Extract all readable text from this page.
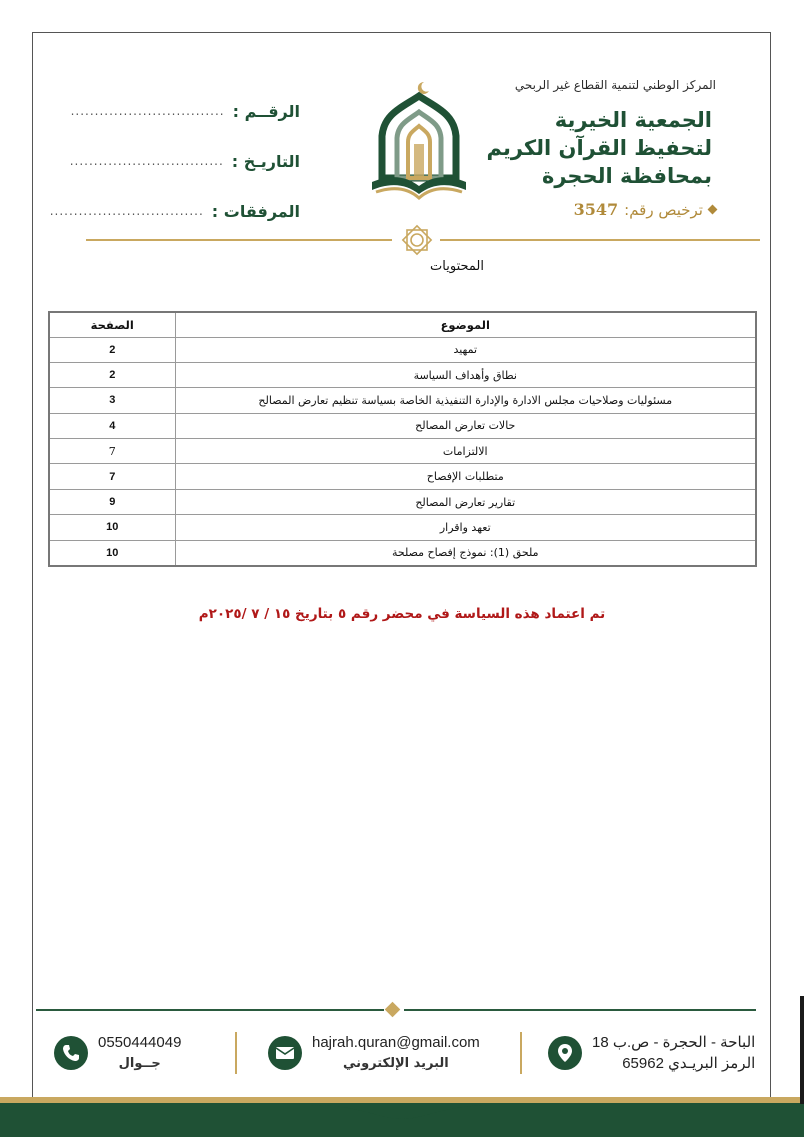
المركز الوطني لتنمية القطاع غير الربحي
الجمعية الخيرية
لتحفيظ القرآن الكريم
بمحافظة الحجرة
ترخيص رقم:
3547
الرقــم :
................................
التاريـخ :
................................
المرفقات :
................................
المحتويات
الموضوع	الصفحة
تمهيد	2
نطاق وأهداف السياسة	2
مسئوليات وصلاحيات مجلس الادارة والإدارة التنفيذية الخاصة بسياسة تنظيم تعارض المصالح	3
حالات تعارض المصالح	4
الالتزامات	7
متطلبات الإفصاح	7
تقارير تعارض المصالح	9
تعهد واقرار	10
ملحق (1): نموذج إفصاح مصلحة	10
تم اعتماد هذه السياسة في محضر رقم ٥ بتاريخ ١٥ / ٧ /٢٠٢٥م
0550444049
جــوال
hajrah.quran@gmail.com
البريد الإلكتروني
الباحة - الحجرة - ص.ب 18
الرمز البريـدي 65962
